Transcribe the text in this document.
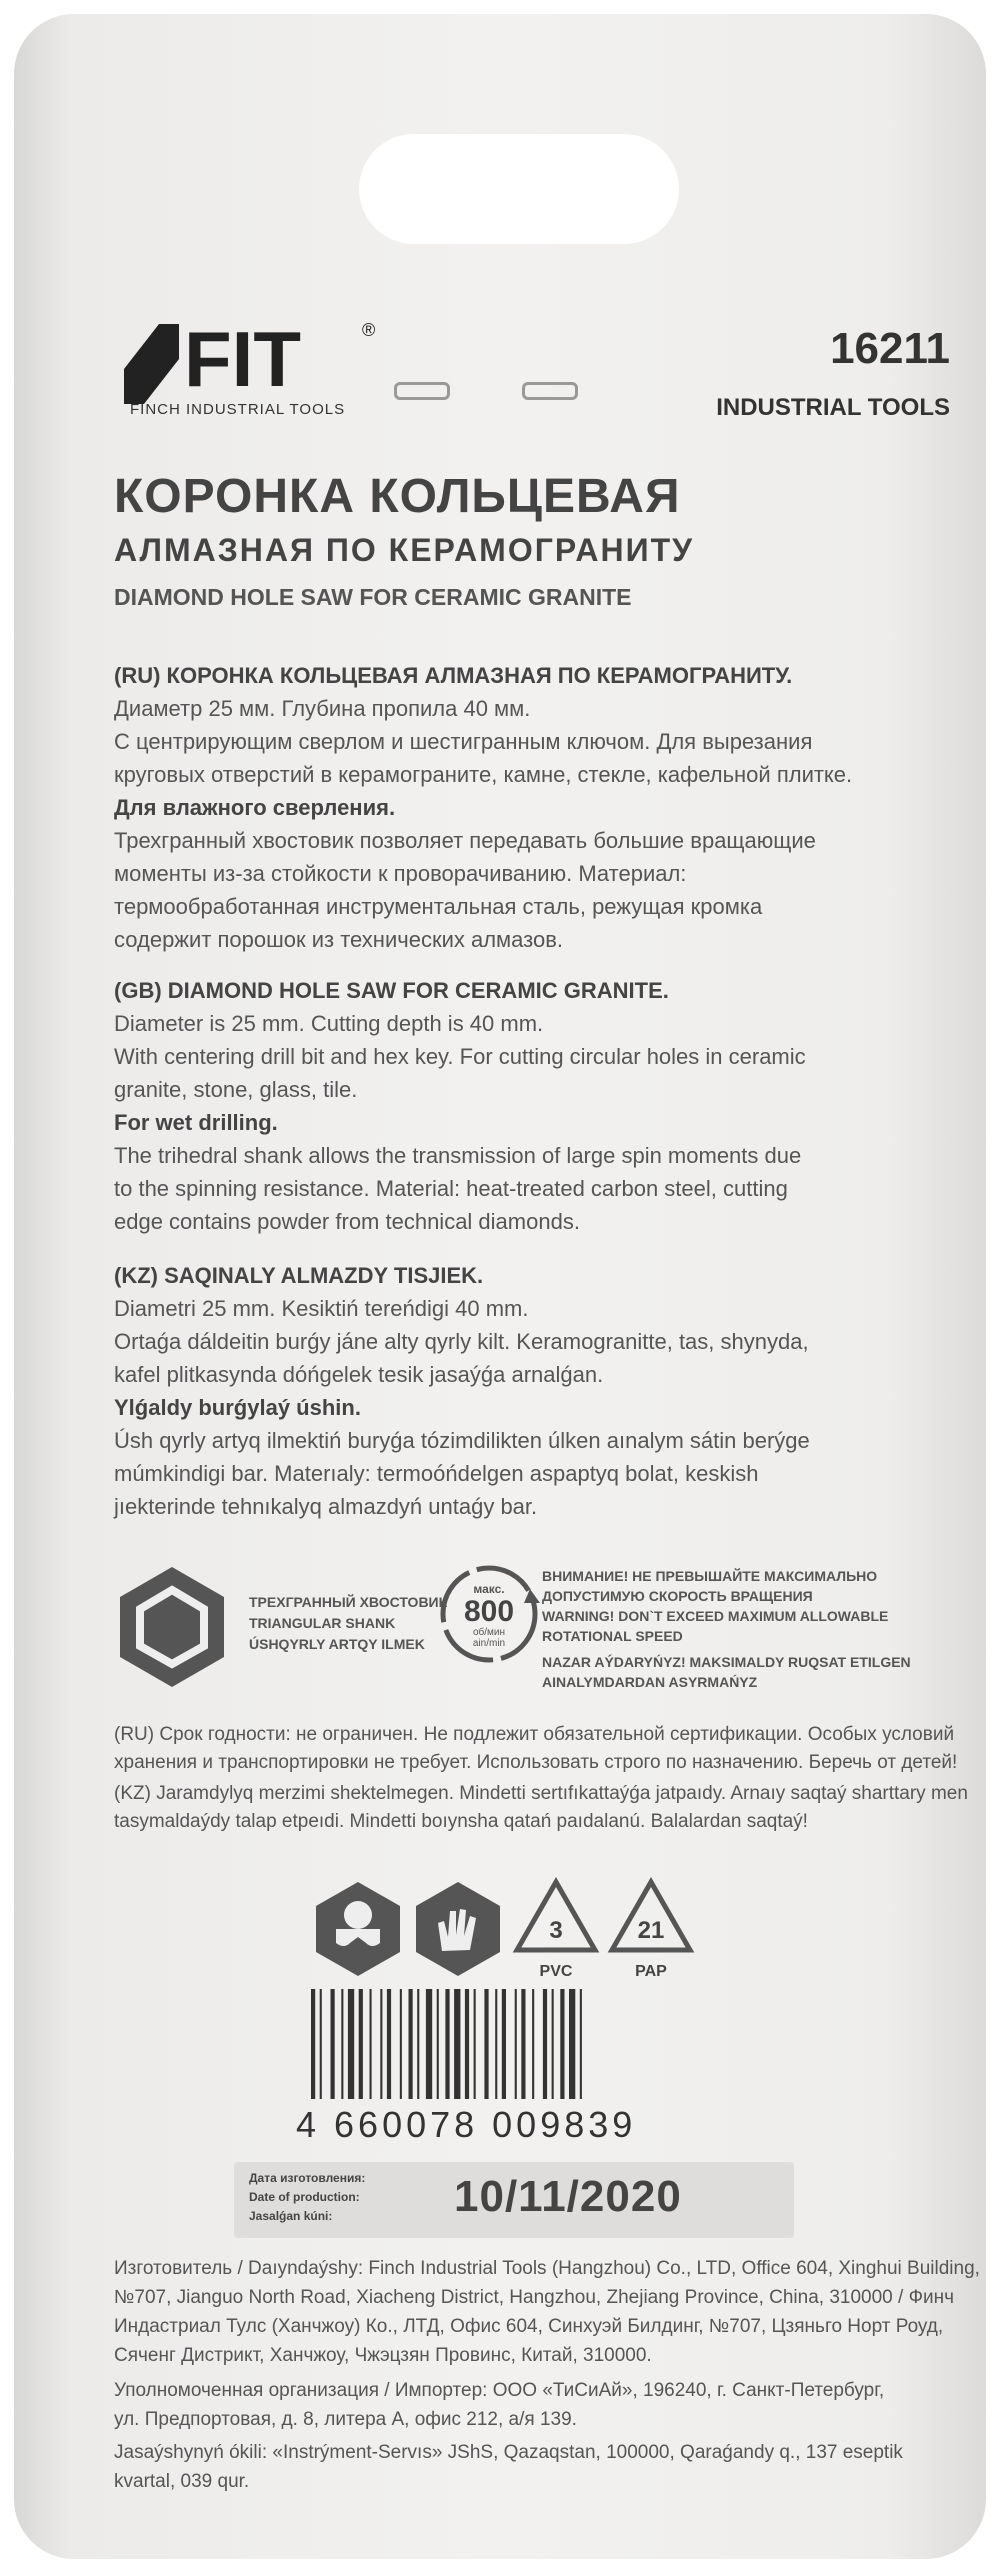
FIT	®
FINCH INDUSTRIAL TOOLS
16211
INDUSTRIAL TOOLS
КОРОНКА КОЛЬЦЕВАЯ
АЛМАЗНАЯ ПО КЕРАМОГРАНИТУ
DIAMOND HOLE SAW FOR CERAMIC GRANITE
(RU) КОРОНКА КОЛЬЦЕВАЯ АЛМАЗНАЯ ПО КЕРАМОГРАНИТУ.
Диаметр 25 мм. Глубина пропила 40 мм.
С центрирующим сверлом и шестигранным ключом. Для вырезания
круговых отверстий в керамограните, камне, стекле, кафельной плитке.
Для влажного сверления.
Трехгранный хвостовик позволяет передавать большие вращающие
моменты из-за стойкости к проворачиванию. Материал:
термообработанная инструментальная сталь, режущая кромка
содержит порошок из технических алмазов.
(GB) DIAMOND HOLE SAW FOR CERAMIC GRANITE.
Diameter is 25 mm. Cutting depth is 40 mm.
With centering drill bit and hex key. For cutting circular holes in ceramic
granite, stone, glass, tile.
For wet drilling.
The trihedral shank allows the transmission of large spin moments due
to the spinning resistance. Material: heat-treated carbon steel, cutting
edge contains powder from technical diamonds.
(KZ) SAQINALY ALMAZDY TISJIEK.
Diametri 25 mm. Kesiktiń tereńdigi 40 mm.
Ortaǵa dáldeitin burǵy jáne alty qyrly kilt. Keramogranitte, tas, shynyda,
kafel plitkasynda dóńgelek tesik jasaýǵa arnalǵan.
Ylǵaldy burǵylaý úshin.
Úsh qyrly artyq ilmektiń buryǵa tózimdilikten úlken aınalym sátin berýge
múmkindigi bar. Materıaly: termoóńdelgen aspaptyq bolat, keskish
jıekterinde tehnıkalyq almazdyń untaǵy bar.
ТРЕХГРАННЫЙ ХВОСТОВИК
TRIANGULAR SHANK
ÚSHQYRLY ARTQY ILMEK
макс.
800
об/мин
ain/min
ВНИМАНИЕ! НЕ ПРЕВЫШАЙТЕ МАКСИМАЛЬНО
ДОПУСТИМУЮ СКОРОСТЬ ВРАЩЕНИЯ
WARNING! DON`T EXCEED MAXIMUM ALLOWABLE
ROTATIONAL SPEED
NAZAR AÝDARYŃYZ! MAKSIMALDY RUQSAT ETILGEN
AINALYMDARDAN ASYRMAŃYZ
(RU) Срок годности: не ограничен. Не подлежит обязательной сертификации. Особых условий
хранения и транспортировки не требует. Использовать строго по назначению. Беречь от детей!
(KZ) Jaramdylyq merzimi shektelmegen. Mindetti sertıfıkattaýǵa jatpaıdy. Arnaıy saqtaý sharttary men
tasymaldaýdy talap etpeıdi. Mindetti boıynsha qatań paıdalanú. Balalardan saqtaý!
3
PVC
21
PAP
4 660078 009839
Дата изготовления:
Date of production:
Jasalǵan kúni:	10/11/2020
Изготовитель / Daıyndaýshy: Finch Industrial Tools (Hangzhou) Co., LTD, Office 604, Xinghui Building,
№707, Jianguo North Road, Xiacheng District, Hangzhou, Zhejiang Province, China, 310000 / Финч
Индастриал Тулс (Ханчжоу) Ко., ЛТД, Офис 604, Синхуэй Билдинг, №707, Цзяньго Норт Роуд,
Сяченг Дистрикт, Ханчжоу, Чжэцзян Провинс, Китай, 310000.
Уполномоченная организация / Импортер: ООО «ТиСиАй», 196240, г. Санкт-Петербург,
ул. Предпортовая, д. 8, литера А, офис 212, а/я 139.
Jasaýshynyń ókili: «Instrýment-Servıs» JShS, Qazaqstan, 100000, Qaraǵandy q., 137 eseptik
kvartal, 039 qur.
